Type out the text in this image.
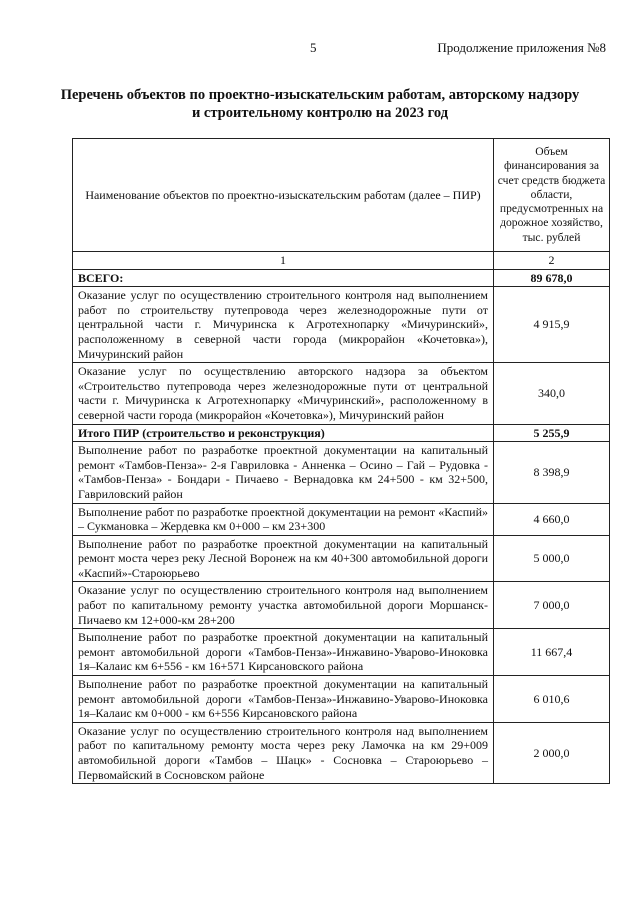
5	Продолжение приложения №8
Перечень объектов по проектно-изыскательским работам, авторскому надзору и строительному контролю на 2023 год
Наименование объектов по проектно-изыскательским работам (далее – ПИР)	Объем финансирования за счет средств бюджета области, предусмотренных на дорожное хозяйство, тыс. рублей
1	2
ВСЕГО:	89 678,0
Оказание услуг по осуществлению строительного контроля над выполнением работ по строительству путепровода через железнодорожные пути от центральной части г. Мичуринска к Агротехнопарку «Мичуринский», расположенному в северной части города (микрорайон «Кочетовка»), Мичуринский район	4 915,9
Оказание услуг по осуществлению авторского надзора за объектом «Строительство путепровода через железнодорожные пути от центральной части г. Мичуринска к Агротехнопарку «Мичуринский», расположенному в северной части города (микрорайон «Кочетовка»), Мичуринский район	340,0
Итого ПИР (строительство и реконструкция)	5 255,9
Выполнение работ по разработке проектной документации на капитальный ремонт «Тамбов-Пенза»- 2-я Гавриловка - Анненка – Осино – Гай – Рудовка - «Тамбов-Пенза» - Бондари - Пичаево - Вернадовка км 24+500 - км 32+500, Гавриловский район	8 398,9
Выполнение работ по разработке проектной документации на ремонт «Каспий» – Сукмановка – Жердевка км 0+000 – км 23+300	4 660,0
Выполнение работ по разработке проектной документации на капитальный ремонт моста через реку Лесной Воронеж на км 40+300 автомобильной дороги «Каспий»-Староюрьево	5 000,0
Оказание услуг по осуществлению строительного контроля над выполнением работ по капитальному ремонту участка автомобильной дороги Моршанск-Пичаево км 12+000-км 28+200	7 000,0
Выполнение работ по разработке проектной документации на капитальный ремонт автомобильной дороги «Тамбов-Пенза»-Инжавино-Уварово-Иноковка 1я–Калаис км 6+556 - км 16+571 Кирсановского района	11 667,4
Выполнение работ по разработке проектной документации на капитальный ремонт автомобильной дороги «Тамбов-Пенза»-Инжавино-Уварово-Иноковка 1я–Калаис км 0+000 - км 6+556 Кирсановского района	6 010,6
Оказание услуг по осуществлению строительного контроля над выполнением работ по капитальному ремонту моста через реку Ламочка на км 29+009 автомобильной дороги «Тамбов – Шацк» - Сосновка – Староюрьево – Первомайский в Сосновском районе	2 000,0
